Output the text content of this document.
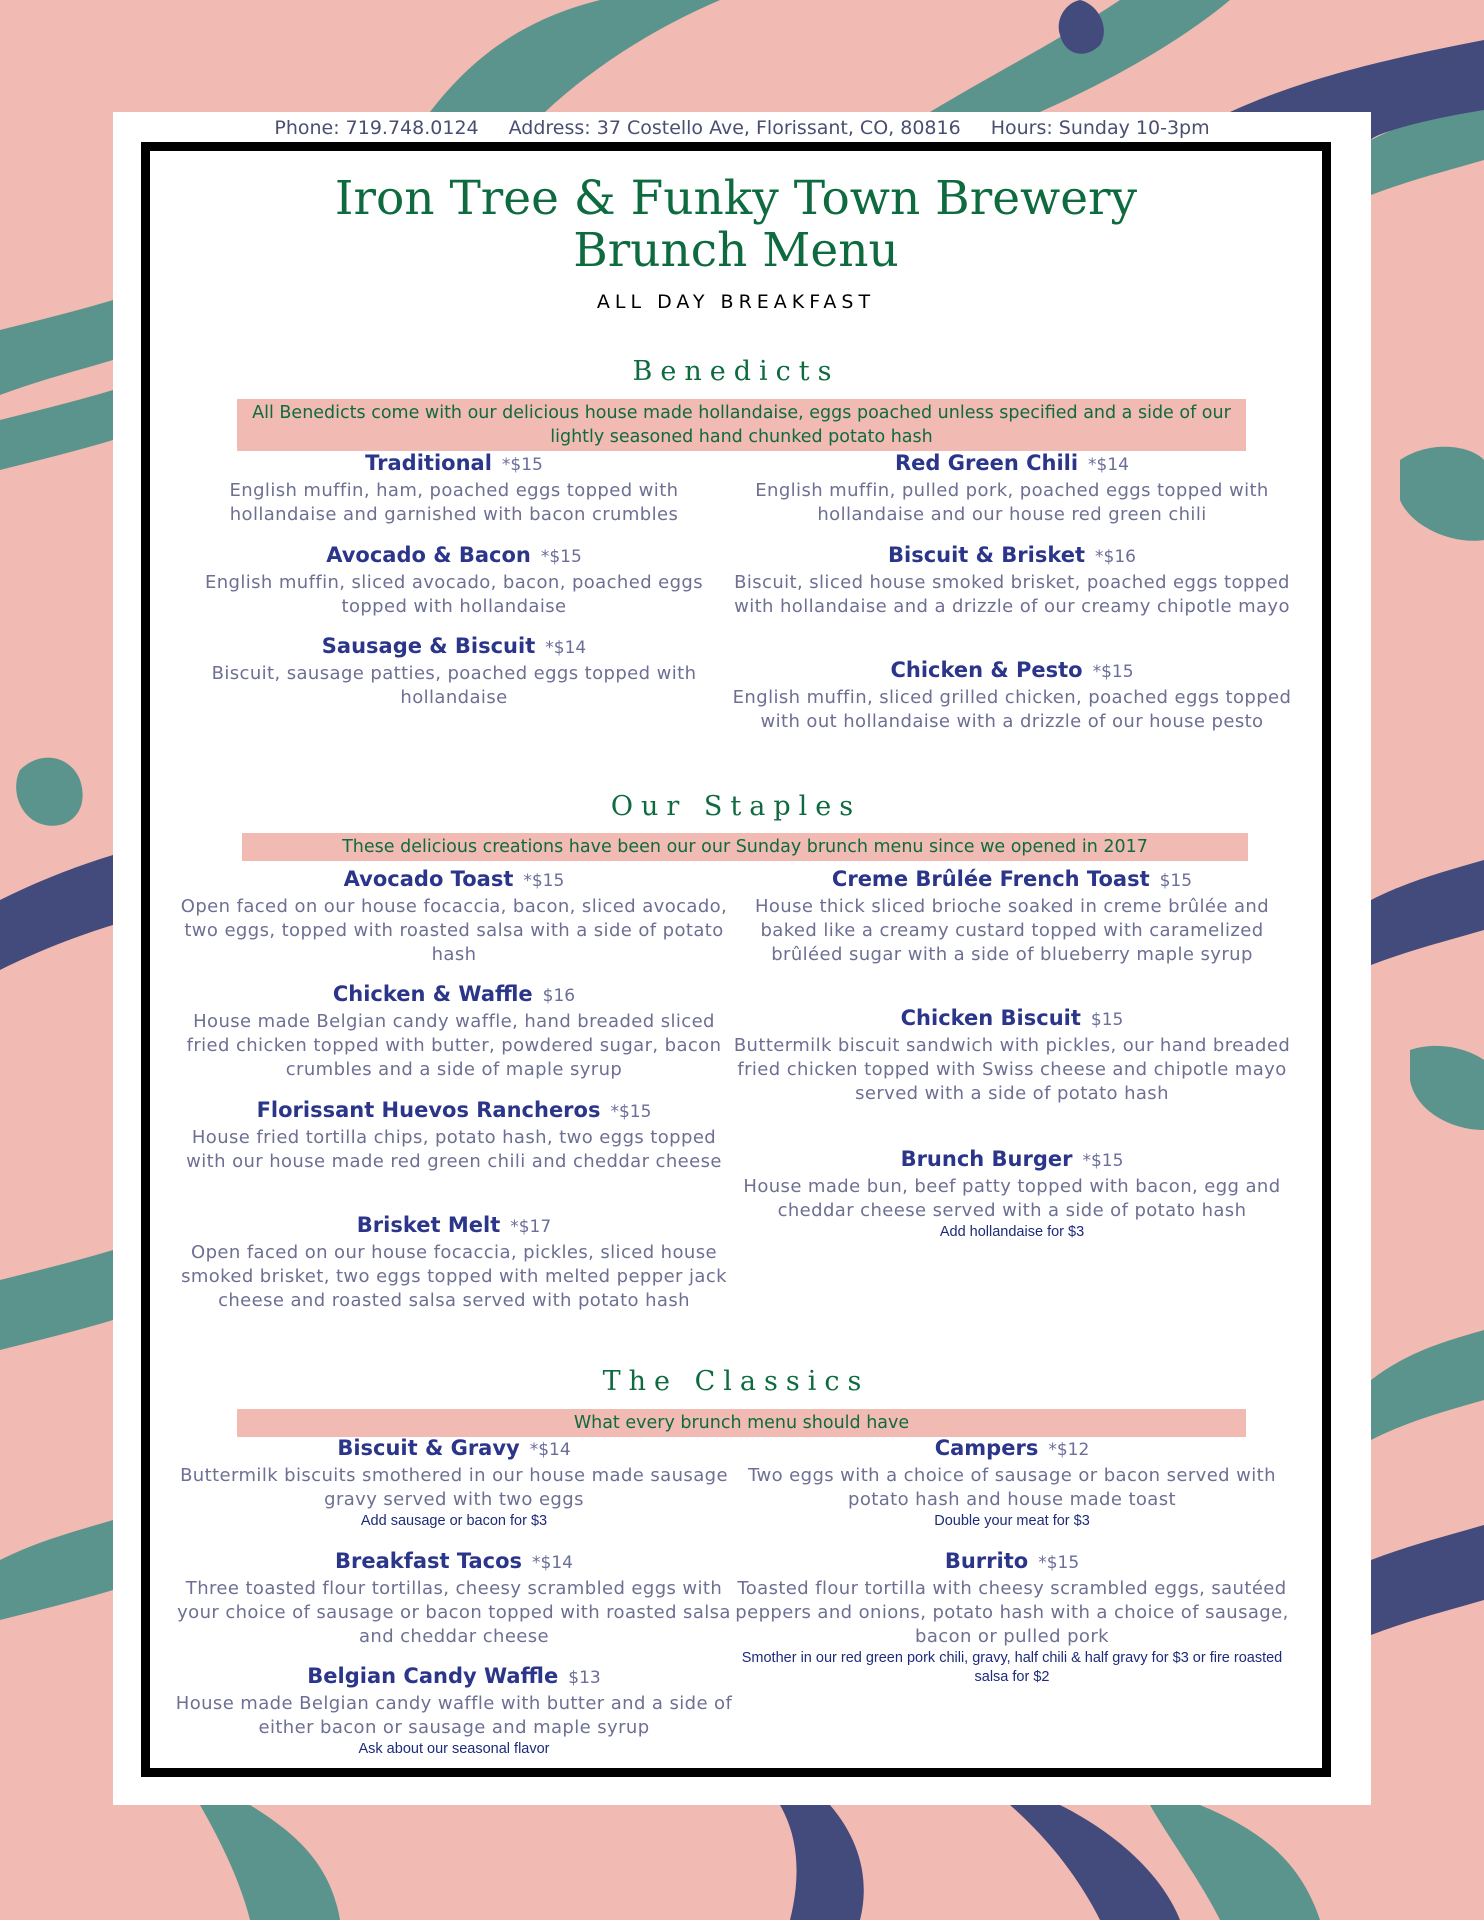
Phone: 719.748.0124 Address: 37 Costello Ave, Florissant, CO, 80816 Hours: Sunday 10-3pm
Iron Tree & Funky Town Brewery
Brunch Menu
ALL DAY BREAKFAST
Benedicts
All Benedicts come with our delicious house made hollandaise, eggs poached unless specified and a side of our lightly seasoned hand chunked potato hash
Traditional *$15
English muffin, ham, poached eggs topped with hollandaise and garnished with bacon crumbles
Avocado & Bacon *$15
English muffin, sliced avocado, bacon, poached eggs topped with hollandaise
Sausage & Biscuit *$14
Biscuit, sausage patties, poached eggs topped with hollandaise
Red Green Chili *$14
English muffin, pulled pork, poached eggs topped with hollandaise and our house red green chili
Biscuit & Brisket *$16
Biscuit, sliced house smoked brisket, poached eggs topped with hollandaise and a drizzle of our creamy chipotle mayo
Chicken & Pesto *$15
English muffin, sliced grilled chicken, poached eggs topped with out hollandaise with a drizzle of our house pesto
Our Staples
These delicious creations have been our our Sunday brunch menu since we opened in 2017
Avocado Toast *$15
Open faced on our house focaccia, bacon, sliced avocado, two eggs, topped with roasted salsa with a side of potato hash
Chicken & Waffle $16
House made Belgian candy waffle, hand breaded sliced fried chicken topped with butter, powdered sugar, bacon crumbles and a side of maple syrup
Florissant Huevos Rancheros *$15
House fried tortilla chips, potato hash, two eggs topped with our house made red green chili and cheddar cheese
Brisket Melt *$17
Open faced on our house focaccia, pickles, sliced house smoked brisket, two eggs topped with melted pepper jack cheese and roasted salsa served with potato hash
Creme Brûlée French Toast $15
House thick sliced brioche soaked in creme brûlée and baked like a creamy custard topped with caramelized brûléed sugar with a side of blueberry maple syrup
Chicken Biscuit $15
Buttermilk biscuit sandwich with pickles, our hand breaded fried chicken topped with Swiss cheese and chipotle mayo served with a side of potato hash
Brunch Burger *$15
House made bun, beef patty topped with bacon, egg and cheddar cheese served with a side of potato hash
Add hollandaise for $3
The Classics
What every brunch menu should have
Biscuit & Gravy *$14
Buttermilk biscuits smothered in our house made sausage gravy served with two eggs
Add sausage or bacon for $3
Breakfast Tacos *$14
Three toasted flour tortillas, cheesy scrambled eggs with your choice of sausage or bacon topped with roasted salsa and cheddar cheese
Belgian Candy Waffle $13
House made Belgian candy waffle with butter and a side of either bacon or sausage and maple syrup
Ask about our seasonal flavor
Campers *$12
Two eggs with a choice of sausage or bacon served with potato hash and house made toast
Double your meat for $3
Burrito *$15
Toasted flour tortilla with cheesy scrambled eggs, sautéed peppers and onions, potato hash with a choice of sausage, bacon or pulled pork
Smother in our red green pork chili, gravy, half chili & half gravy for $3 or fire roasted salsa for $2
